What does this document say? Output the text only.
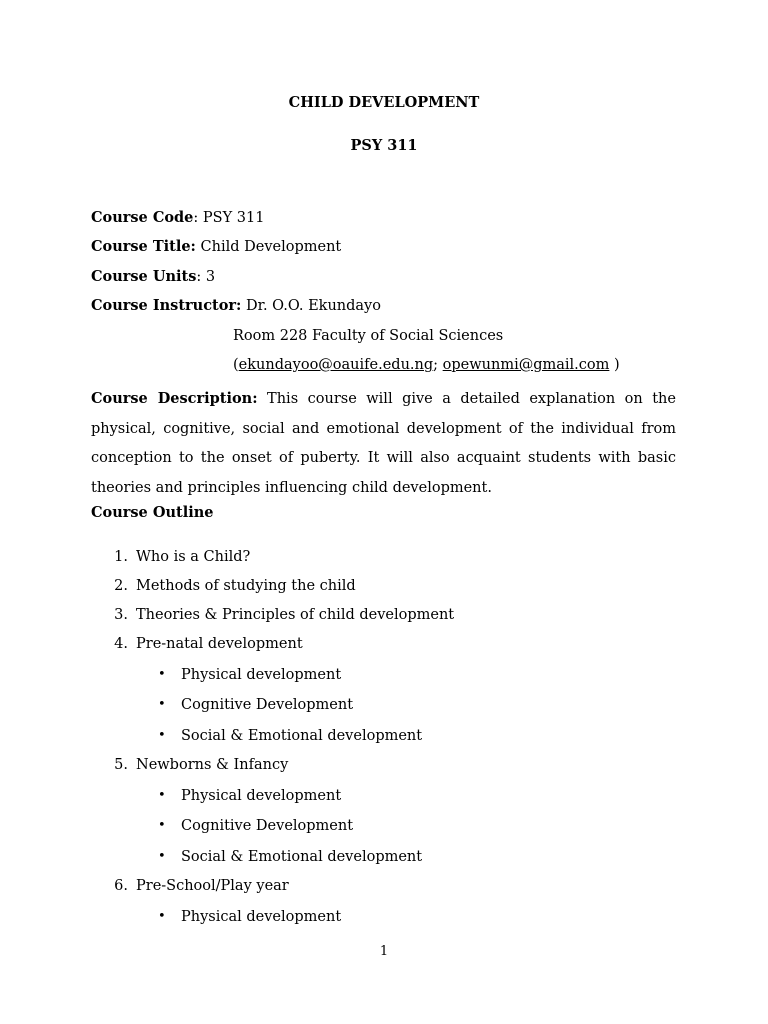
CHILD DEVELOPMENT
PSY 311
Course Code: PSY 311
Course Title: Child Development
Course Units: 3
Course Instructor: Dr. O.O. Ekundayo
Room 228 Faculty of Social Sciences
(ekundayoo@oauife.edu.ng; opewunmi@gmail.com )
Course Description: This course will give a detailed explanation on the physical, cognitive, social and emotional development of the individual from conception to the onset of puberty. It will also acquaint students with basic theories and principles influencing child development.
Course Outline
1. Who is a Child?
2. Methods of studying the child
3. Theories & Principles of child development
4. Pre-natal development
• Physical development
• Cognitive Development
• Social & Emotional development
5. Newborns & Infancy
• Physical development
• Cognitive Development
• Social & Emotional development
6. Pre-School/Play year
• Physical development
1
